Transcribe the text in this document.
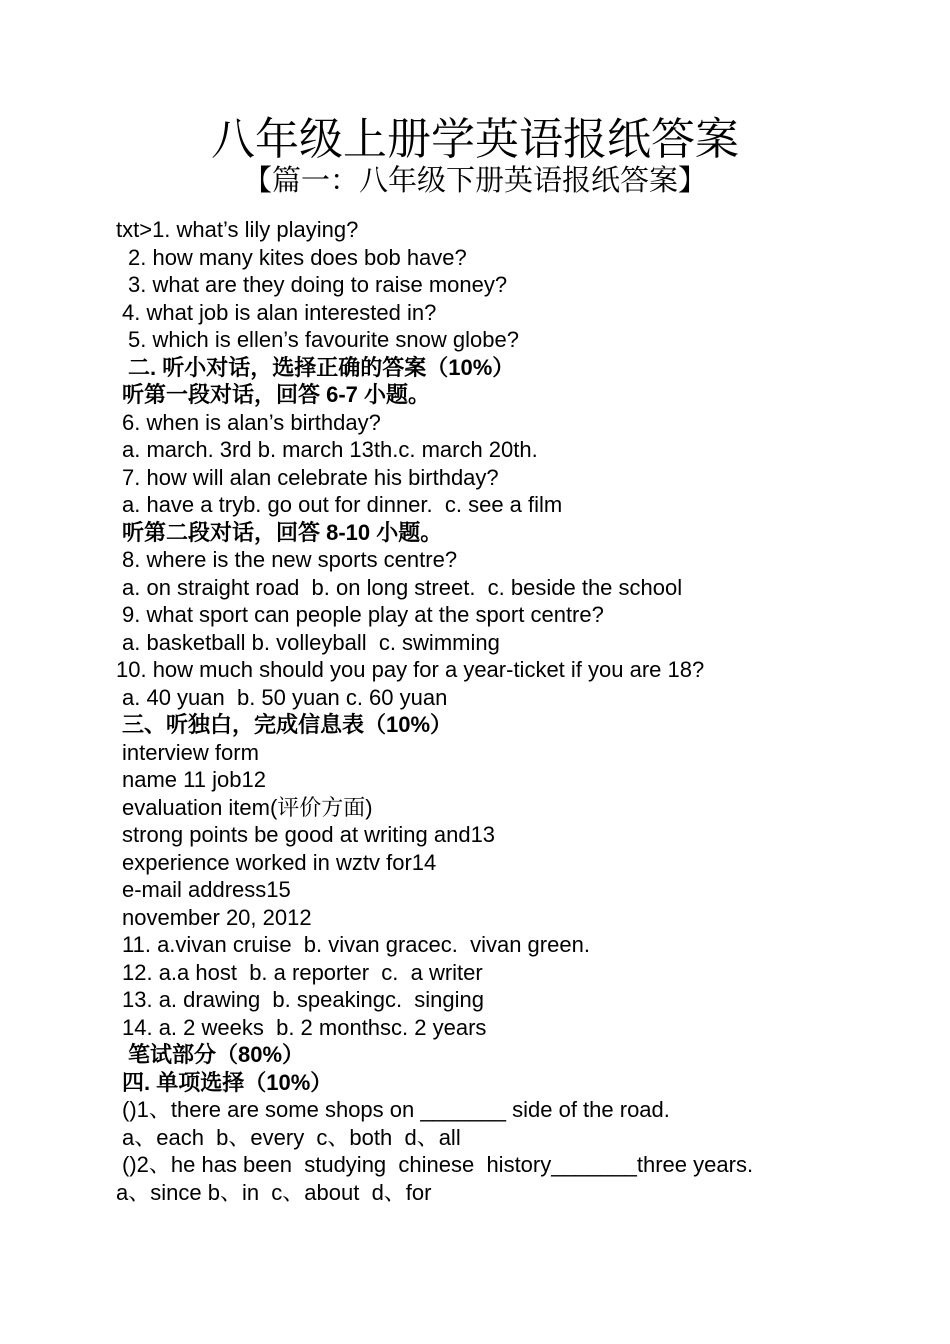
八年级上册学英语报纸答案
【篇一：八年级下册英语报纸答案】
txt>1. what’s lily playing?
2. how many kites does bob have?
3. what are they doing to raise money?
4. what job is alan interested in?
5. which is ellen’s favourite snow globe?
二. 听小对话，选择正确的答案（10%）
听第一段对话，回答 6-7 小题。
6. when is alan’s birthday?
a. march. 3rd b. march 13th.c. march 20th.
7. how will alan celebrate his birthday?
a. have a tryb. go out for dinner.  c. see a film
听第二段对话，回答 8-10 小题。
8. where is the new sports centre?
a. on straight road  b. on long street.  c. beside the school
9. what sport can people play at the sport centre?
a. basketball b. volleyball  c. swimming
10. how much should you pay for a year-ticket if you are 18?
a. 40 yuan  b. 50 yuan c. 60 yuan
三、听独白，完成信息表（10%）
interview form
name 11 job12
evaluation item(评价方面)
strong points be good at writing and13
experience worked in wztv for14
e-mail address15
november 20, 2012
11. a.vivan cruise  b. vivan gracec.  vivan green.
12. a.a host  b. a reporter  c.  a writer
13. a. drawing  b. speakingc.  singing
14. a. 2 weeks  b. 2 monthsc. 2 years
笔试部分（80%）
四. 单项选择（10%）
()1、there are some shops on _______ side of the road.
a、each  b、every  c、both  d、all
()2、he has been  studying  chinese  history_______three years.
a、since b、in  c、about  d、for
